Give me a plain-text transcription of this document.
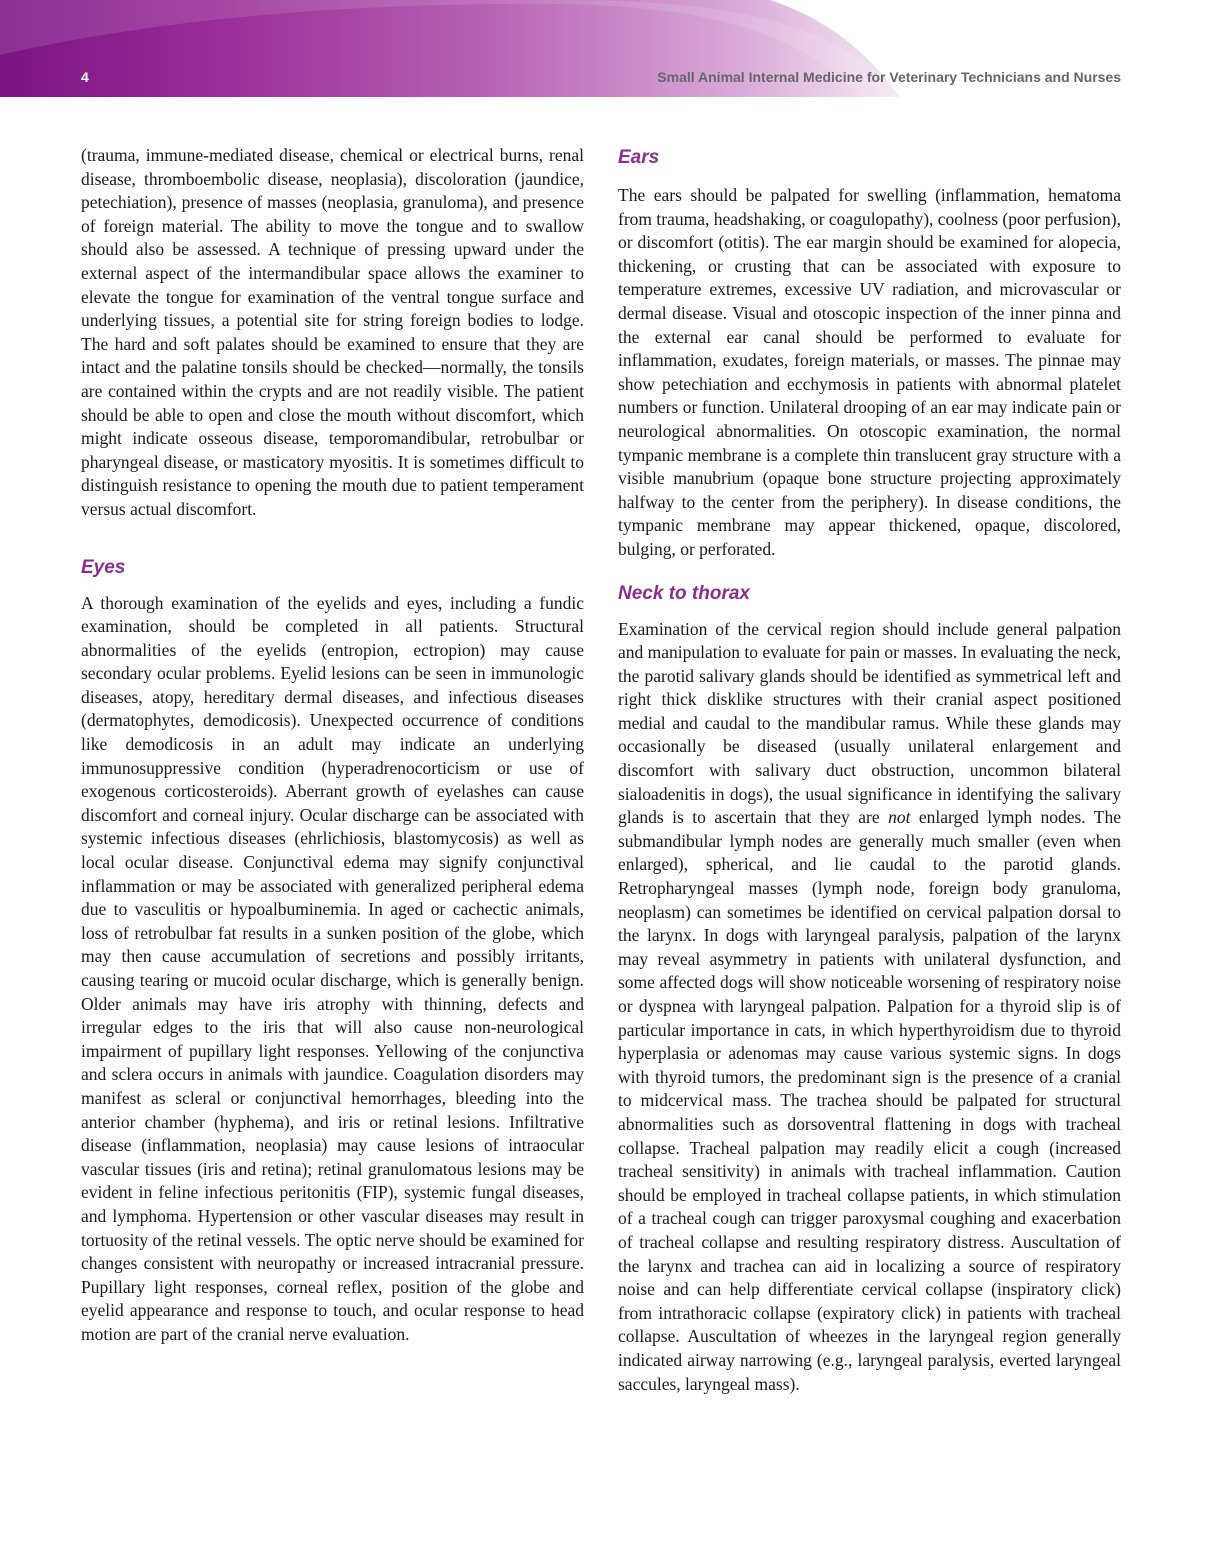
4	Small Animal Internal Medicine for Veterinary Technicians and Nurses

(trauma, immune-mediated disease, chemical or electrical burns, renal disease, thromboembolic disease, neoplasia), discoloration (jaundice, petechiation), presence of masses (neoplasia, granuloma), and presence of foreign material. The ability to move the tongue and to swallow should also be assessed. A technique of pressing upward under the external aspect of the intermandibular space allows the examiner to elevate the tongue for examination of the ventral tongue surface and underlying tissues, a potential site for string foreign bodies to lodge. The hard and soft palates should be examined to ensure that they are intact and the palatine tonsils should be checked—normally, the tonsils are contained within the crypts and are not readily visible. The patient should be able to open and close the mouth without discomfort, which might indicate osseous disease, temporomandibular, retrobulbar or pharyngeal disease, or masticatory myositis. It is sometimes difficult to distinguish resistance to opening the mouth due to patient temperament versus actual discomfort.

Eyes

A thorough examination of the eyelids and eyes, including a fundic examination, should be completed in all patients. Structural abnormalities of the eyelids (entropion, ectropion) may cause secondary ocular problems. Eyelid lesions can be seen in immunologic diseases, atopy, hereditary dermal diseases, and infectious diseases (dermatophytes, demodicosis). Unexpected occurrence of conditions like demodicosis in an adult may indicate an underlying immunosuppressive condition (hyperadrenocorticism or use of exogenous corticosteroids). Aberrant growth of eyelashes can cause discomfort and corneal injury. Ocular discharge can be associated with systemic infectious diseases (ehrlichiosis, blastomycosis) as well as local ocular disease. Conjunctival edema may signify conjunctival inflammation or may be associated with generalized peripheral edema due to vasculitis or hypoalbuminemia. In aged or cachectic animals, loss of retrobulbar fat results in a sunken position of the globe, which may then cause accumulation of secretions and possibly irritants, causing tearing or mucoid ocular discharge, which is generally benign. Older animals may have iris atrophy with thinning, defects and irregular edges to the iris that will also cause non-neurological impairment of pupillary light responses. Yellowing of the conjunctiva and sclera occurs in animals with jaundice. Coagulation disorders may manifest as scleral or conjunctival hemorrhages, bleeding into the anterior chamber (hyphema), and iris or retinal lesions. Infiltrative disease (inflammation, neoplasia) may cause lesions of intraocular vascular tissues (iris and retina); retinal granulomatous lesions may be evident in feline infectious peritonitis (FIP), systemic fungal diseases, and lymphoma. Hypertension or other vascular diseases may result in tortuosity of the retinal vessels. The optic nerve should be examined for changes consistent with neuropathy or increased intracranial pressure. Pupillary light responses, corneal reflex, position of the globe and eyelid appearance and response to touch, and ocular response to head motion are part of the cranial nerve evaluation.

Ears

The ears should be palpated for swelling (inflammation, hematoma from trauma, headshaking, or coagulopathy), coolness (poor perfusion), or discomfort (otitis). The ear margin should be examined for alopecia, thickening, or crusting that can be associated with exposure to temperature extremes, excessive UV radiation, and microvascular or dermal disease. Visual and otoscopic inspection of the inner pinna and the external ear canal should be performed to evaluate for inflammation, exudates, foreign materials, or masses. The pinnae may show petechiation and ecchymosis in patients with abnormal platelet numbers or function. Unilateral drooping of an ear may indicate pain or neurological abnormalities. On otoscopic examination, the normal tympanic membrane is a complete thin translucent gray structure with a visible manubrium (opaque bone structure projecting approximately halfway to the center from the periphery). In disease conditions, the tympanic membrane may appear thickened, opaque, discolored, bulging, or perforated.

Neck to thorax

Examination of the cervical region should include general palpation and manipulation to evaluate for pain or masses. In evaluating the neck, the parotid salivary glands should be identified as symmetrical left and right thick disklike structures with their cranial aspect positioned medial and caudal to the mandibular ramus. While these glands may occasionally be diseased (usually unilateral enlargement and discomfort with salivary duct obstruction, uncommon bilateral sialoadenitis in dogs), the usual significance in identifying the salivary glands is to ascertain that they are not enlarged lymph nodes. The submandibular lymph nodes are generally much smaller (even when enlarged), spherical, and lie caudal to the parotid glands. Retropharyngeal masses (lymph node, foreign body granuloma, neoplasm) can sometimes be identified on cervical palpation dorsal to the larynx. In dogs with laryngeal paralysis, palpation of the larynx may reveal asymmetry in patients with unilateral dysfunction, and some affected dogs will show noticeable worsening of respiratory noise or dyspnea with laryngeal palpation. Palpation for a thyroid slip is of particular importance in cats, in which hyperthyroidism due to thyroid hyperplasia or adenomas may cause various systemic signs. In dogs with thyroid tumors, the predominant sign is the presence of a cranial to midcervical mass. The trachea should be palpated for structural abnormalities such as dorsoventral flattening in dogs with tracheal collapse. Tracheal palpation may readily elicit a cough (increased tracheal sensitivity) in animals with tracheal inflammation. Caution should be employed in tracheal collapse patients, in which stimulation of a tracheal cough can trigger paroxysmal coughing and exacerbation of tracheal collapse and resulting respiratory distress. Auscultation of the larynx and trachea can aid in localizing a source of respiratory noise and can help differentiate cervical collapse (inspiratory click) from intrathoracic collapse (expiratory click) in patients with tracheal collapse. Auscultation of wheezes in the laryngeal region generally indicated airway narrowing (e.g., laryngeal paralysis, everted laryngeal saccules, laryngeal mass).
